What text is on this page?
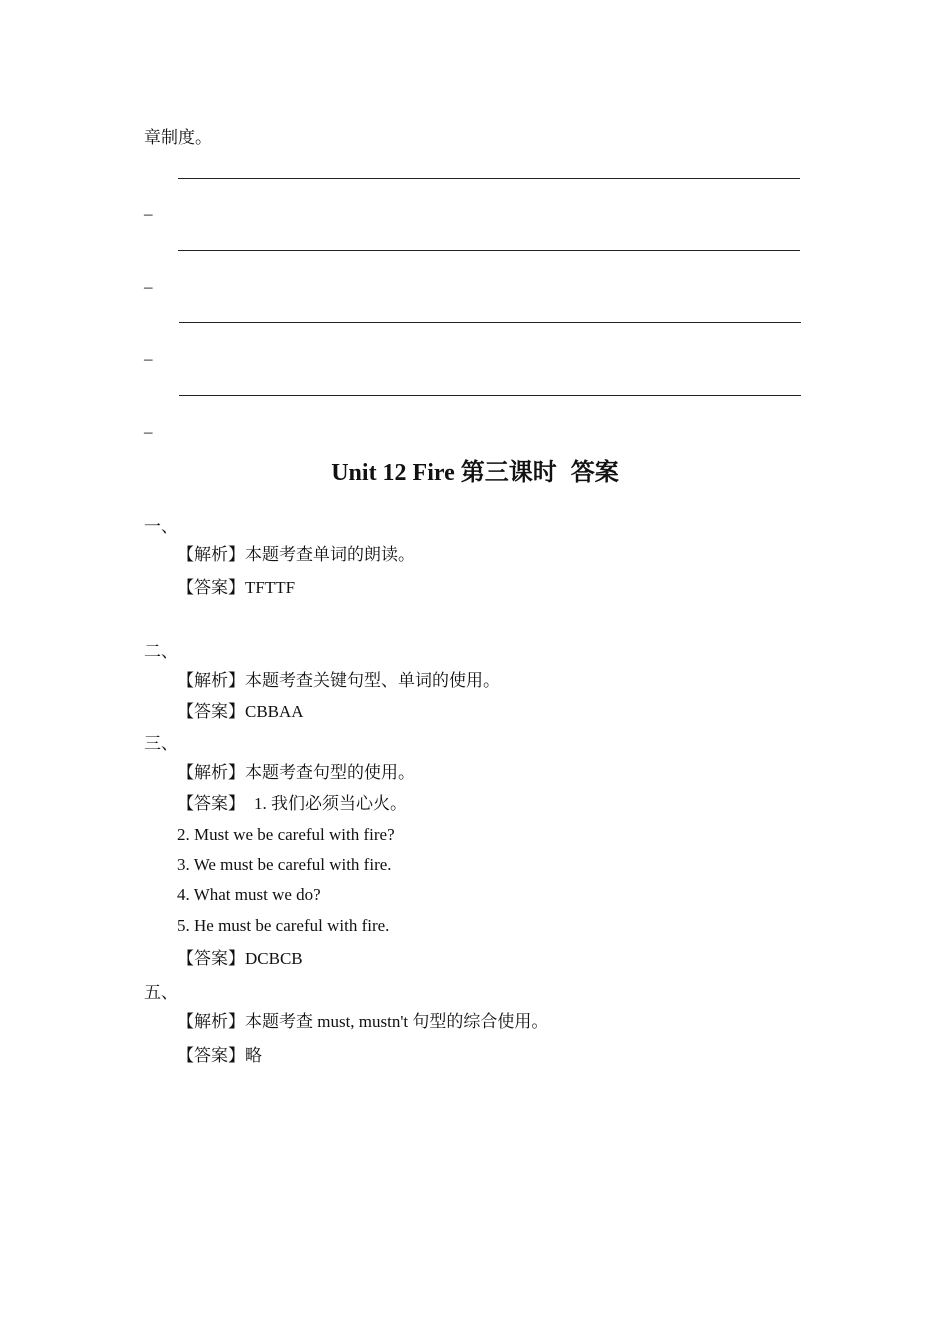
章制度。
–
–
–
–
Unit 12 Fire 第三课时 答案
一、
【解析】本题考查单词的朗读。
【答案】TFTTF
二、
【解析】本题考查关键句型、单词的使用。
【答案】CBBAA
三、
【解析】本题考查句型的使用。
【答案】 1. 我们必须当心火。
2. Must we be careful with fire?
3. We must be careful with fire.
4. What must we do?
5. He must be careful with fire.
【答案】DCBCB
五、
【解析】本题考查 must, mustn't 句型的综合使用。
【答案】略
